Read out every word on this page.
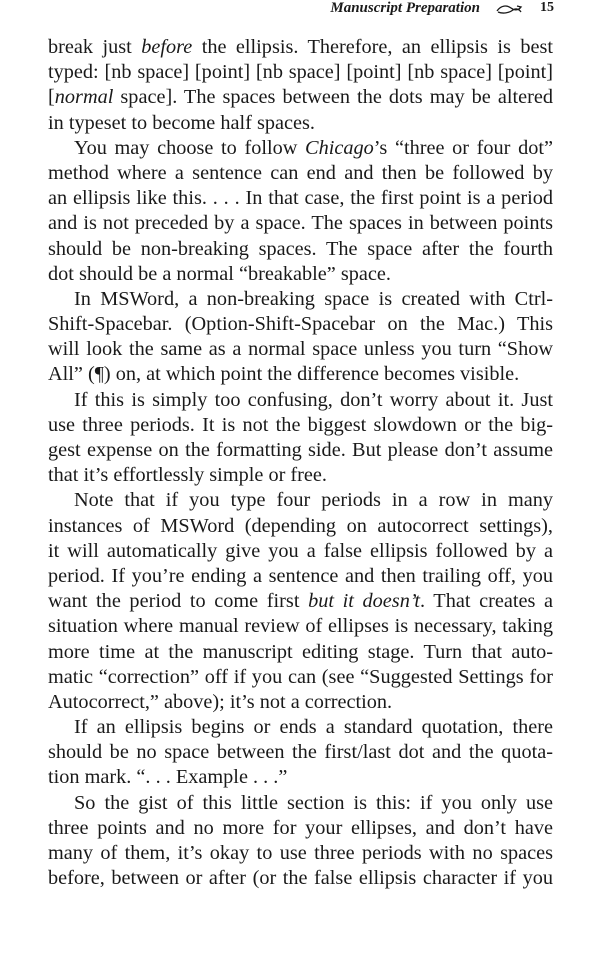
Manuscript Preparation	15
break just before the ellipsis. Therefore, an ellipsis is best
typed: [nb space] [point] [nb space] [point] [nb space] [point]
[normal space]. The spaces between the dots may be altered
in typeset to become half spaces.
You may choose to follow Chicago’s “three or four dot”
method where a sentence can end and then be followed by
an ellipsis like this. . . . In that case, the first point is a period
and is not preceded by a space. The spaces in between points
should be non-breaking spaces. The space after the fourth
dot should be a normal “breakable” space.
In MSWord, a non-breaking space is created with Ctrl-
Shift-Spacebar. (Option-Shift-Spacebar on the Mac.) This
will look the same as a normal space unless you turn “Show
All” (¶) on, at which point the difference becomes visible.
If this is simply too confusing, don’t worry about it. Just
use three periods. It is not the biggest slowdown or the big-
gest expense on the formatting side. But please don’t assume
that it’s effortlessly simple or free.
Note that if you type four periods in a row in many
instances of MSWord (depending on autocorrect settings),
it will automatically give you a false ellipsis followed by a
period. If you’re ending a sentence and then trailing off, you
want the period to come first but it doesn’t. That creates a
situation where manual review of ellipses is necessary, taking
more time at the manuscript editing stage. Turn that auto-
matic “correction” off if you can (see “Suggested Settings for
Autocorrect,” above); it’s not a correction.
If an ellipsis begins or ends a standard quotation, there
should be no space between the first/last dot and the quota-
tion mark. “. . . Example . . .”
So the gist of this little section is this: if you only use
three points and no more for your ellipses, and don’t have
many of them, it’s okay to use three periods with no spaces
before, between or after (or the false ellipsis character if you
